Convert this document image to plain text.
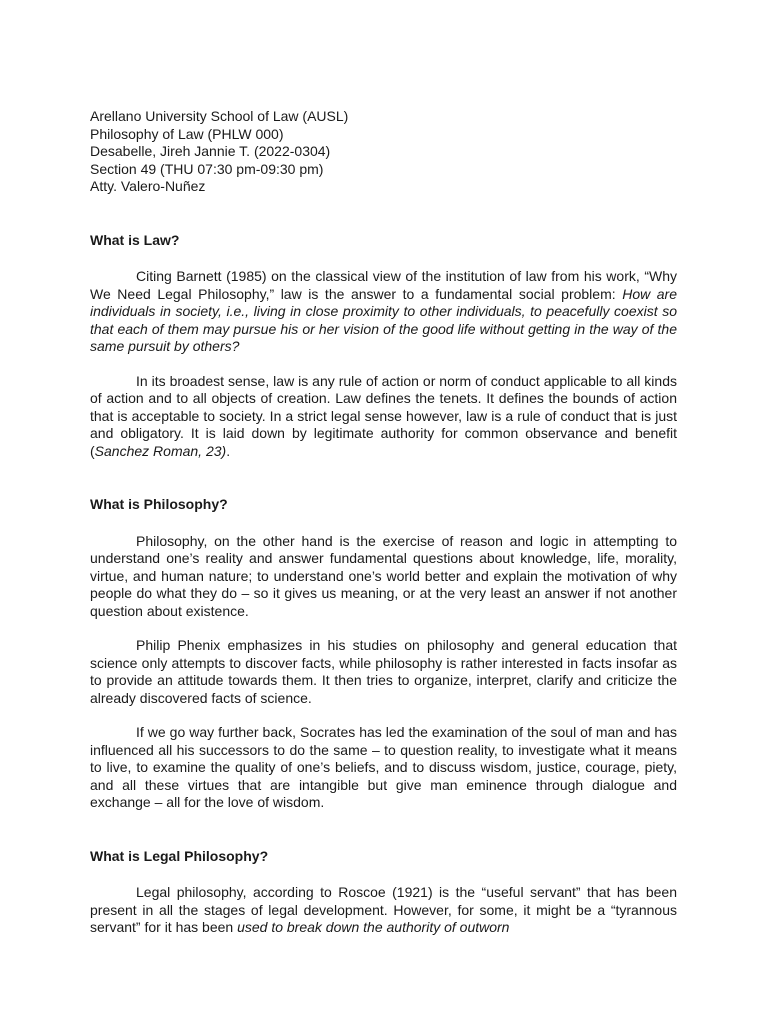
Arellano University School of Law (AUSL)
Philosophy of Law (PHLW 000)
Desabelle, Jireh Jannie T. (2022-0304)
Section 49 (THU 07:30 pm-09:30 pm)
Atty. Valero-Nuñez
What is Law?

Citing Barnett (1985) on the classical view of the institution of law from his work, “Why We Need Legal Philosophy,” law is the answer to a fundamental social problem: How are individuals in society, i.e., living in close proximity to other individuals, to peacefully coexist so that each of them may pursue his or her vision of the good life without getting in the way of the same pursuit by others?

In its broadest sense, law is any rule of action or norm of conduct applicable to all kinds of action and to all objects of creation. Law defines the tenets. It defines the bounds of action that is acceptable to society. In a strict legal sense however, law is a rule of conduct that is just and obligatory. It is laid down by legitimate authority for common observance and benefit (Sanchez Roman, 23).

What is Philosophy?

Philosophy, on the other hand is the exercise of reason and logic in attempting to understand one’s reality and answer fundamental questions about knowledge, life, morality, virtue, and human nature; to understand one’s world better and explain the motivation of why people do what they do – so it gives us meaning, or at the very least an answer if not another question about existence.

Philip Phenix emphasizes in his studies on philosophy and general education that science only attempts to discover facts, while philosophy is rather interested in facts insofar as to provide an attitude towards them. It then tries to organize, interpret, clarify and criticize the already discovered facts of science.

If we go way further back, Socrates has led the examination of the soul of man and has influenced all his successors to do the same – to question reality, to investigate what it means to live, to examine the quality of one’s beliefs, and to discuss wisdom, justice, courage, piety, and all these virtues that are intangible but give man eminence through dialogue and exchange – all for the love of wisdom.

What is Legal Philosophy?

Legal philosophy, according to Roscoe (1921) is the “useful servant” that has been present in all the stages of legal development. However, for some, it might be a “tyrannous servant” for it has been used to break down the authority of outworn
